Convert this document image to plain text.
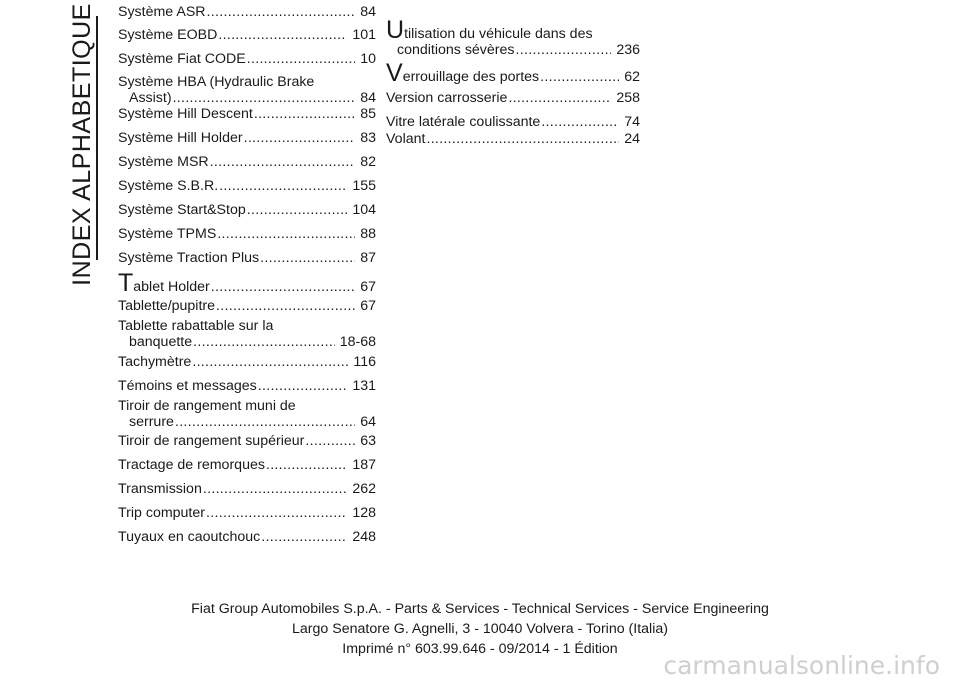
INDEX ALPHABETIQUE Système ASR .....	84
Système EOBD .....	101
Système Fiat CODE .....	10
Système HBA (Hydraulic Brake
Assist) .....	84
Système Hill Descent .....	85
Système Hill Holder .....	83
Système MSR .....	82
Système S.B.R. .....	155
Système Start&Stop .....	104
Système TPMS .....	88
Système Traction Plus .....	87
T ablet Holder .....	67
Tablette/pupitre .....	67
Tablette rabattable sur la
banquette .....	18-68
Tachymètre .....	116
Témoins et messages .....	131
Tiroir de rangement muni de
serrure .....	64
Tiroir de rangement supérieur .....	63
Tractage de remorques .....	187
Transmission .....	262
Trip computer .....	128
Tuyaux en caoutchouc .....	248
U tilisation du véhicule dans des
conditions sévères .....	236
V errouillage des portes .....	62
Version carrosserie .....	258
Vitre latérale coulissante .....	74
Volant .....	24
Fiat Group Automobiles S.p.A. - Parts & Services - Technical Services - Service Engineering
Largo Senatore G. Agnelli, 3 - 10040 Volvera - Torino (Italia)
Imprimé n° 603.99.646 - 09/2014 - 1 Édition
carmanualsonline.info
